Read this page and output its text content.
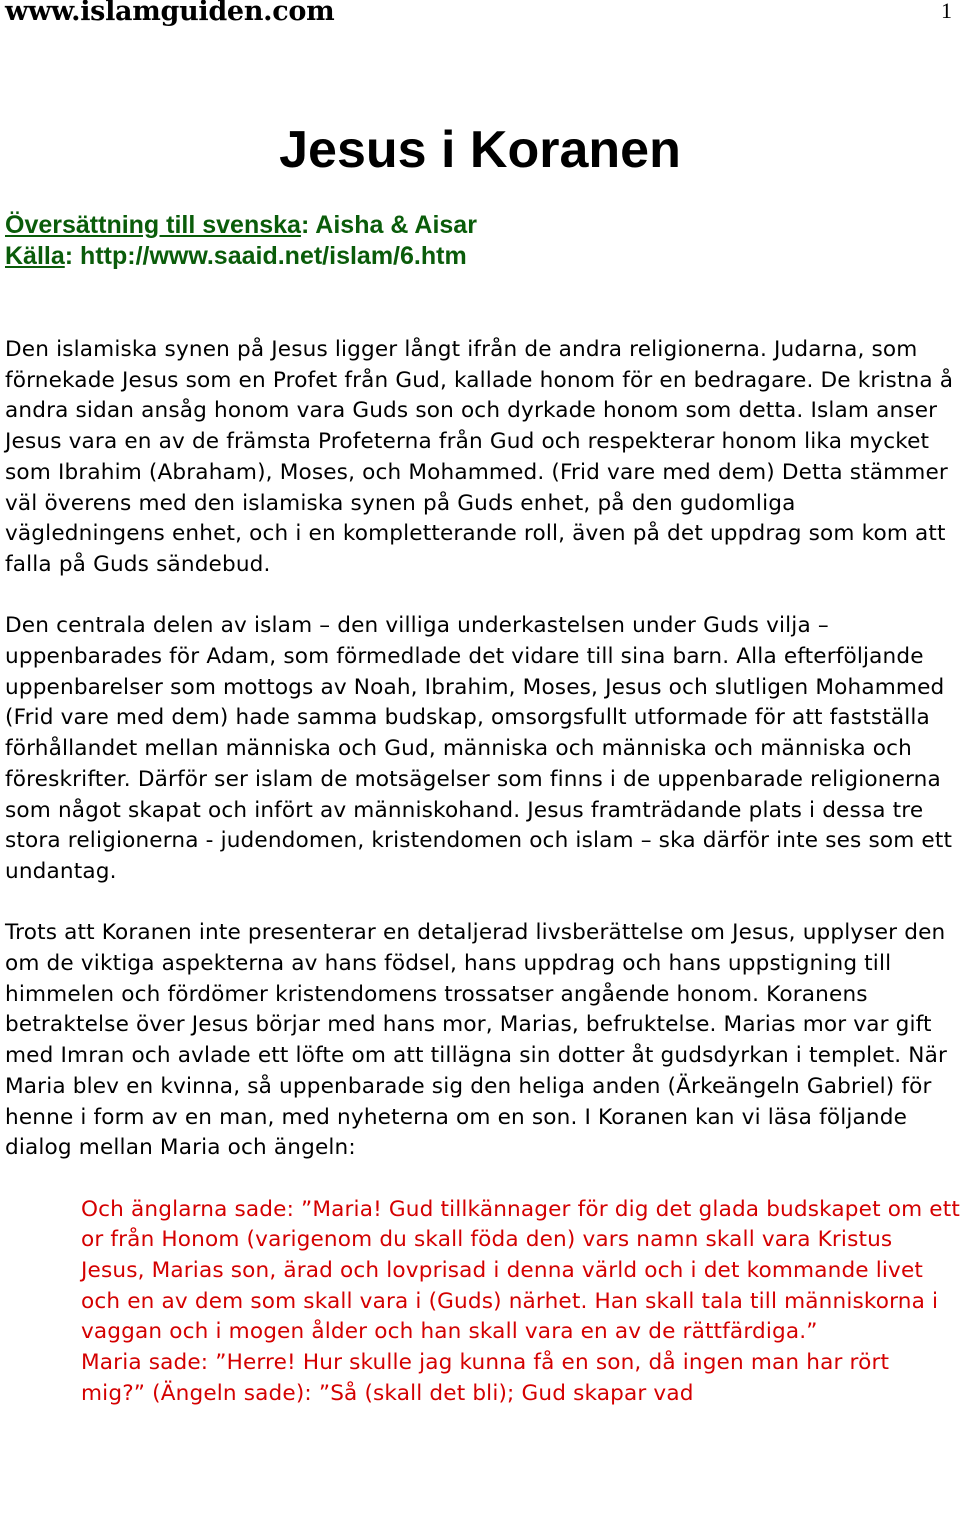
www.islamguiden.com	1
Jesus i Koranen
Översättning till svenska: Aisha & Aisar
Källa: http://www.saaid.net/islam/6.htm

Den islamiska synen på Jesus ligger långt ifrån de andra religionerna. Judarna, som förnekade Jesus som en Profet från Gud, kallade honom för en bedragare. De kristna å andra sidan ansåg honom vara Guds son och dyrkade honom som detta. Islam anser Jesus vara en av de främsta Profeterna från Gud och respekterar honom lika mycket som Ibrahim (Abraham), Moses, och Mohammed. (Frid vare med dem) Detta stämmer väl överens med den islamiska synen på Guds enhet, på den gudomliga vägledningens enhet, och i en kompletterande roll, även på det uppdrag som kom att falla på Guds sändebud.

Den centrala delen av islam – den villiga underkastelsen under Guds vilja – uppenbarades för Adam, som förmedlade det vidare till sina barn. Alla efterföljande uppenbarelser som mottogs av Noah, Ibrahim, Moses, Jesus och slutligen Mohammed (Frid vare med dem) hade samma budskap, omsorgsfullt utformade för att fastställa förhållandet mellan människa och Gud, människa och människa och människa och föreskrifter. Därför ser islam de motsägelser som finns i de uppenbarade religionerna som något skapat och infört av människohand. Jesus framträdande plats i dessa tre stora religionerna - judendomen, kristendomen och islam – ska därför inte ses som ett undantag.

Trots att Koranen inte presenterar en detaljerad livsberättelse om Jesus, upplyser den om de viktiga aspekterna av hans födsel, hans uppdrag och hans uppstigning till himmelen och fördömer kristendomens trossatser angående honom. Koranens betraktelse över Jesus börjar med hans mor, Marias, befruktelse. Marias mor var gift med Imran och avlade ett löfte om att tillägna sin dotter åt gudsdyrkan i templet. När Maria blev en kvinna, så uppenbarade sig den heliga anden (Ärkeängeln Gabriel) för henne i form av en man, med nyheterna om en son. I Koranen kan vi läsa följande dialog mellan Maria och ängeln:

Och änglarna sade: ”Maria! Gud tillkännager för dig det glada budskapet om ett or från Honom (varigenom du skall föda den) vars namn skall vara Kristus Jesus, Marias son, ärad och lovprisad i denna värld och i det kommande livet och en av dem som skall vara i (Guds) närhet. Han skall tala till människorna i vaggan och i mogen ålder och han skall vara en av de rättfärdiga.”

Maria sade: ”Herre! Hur skulle jag kunna få en son, då ingen man har rört mig?” (Ängeln sade): ”Så (skall det bli); Gud skapar vad
